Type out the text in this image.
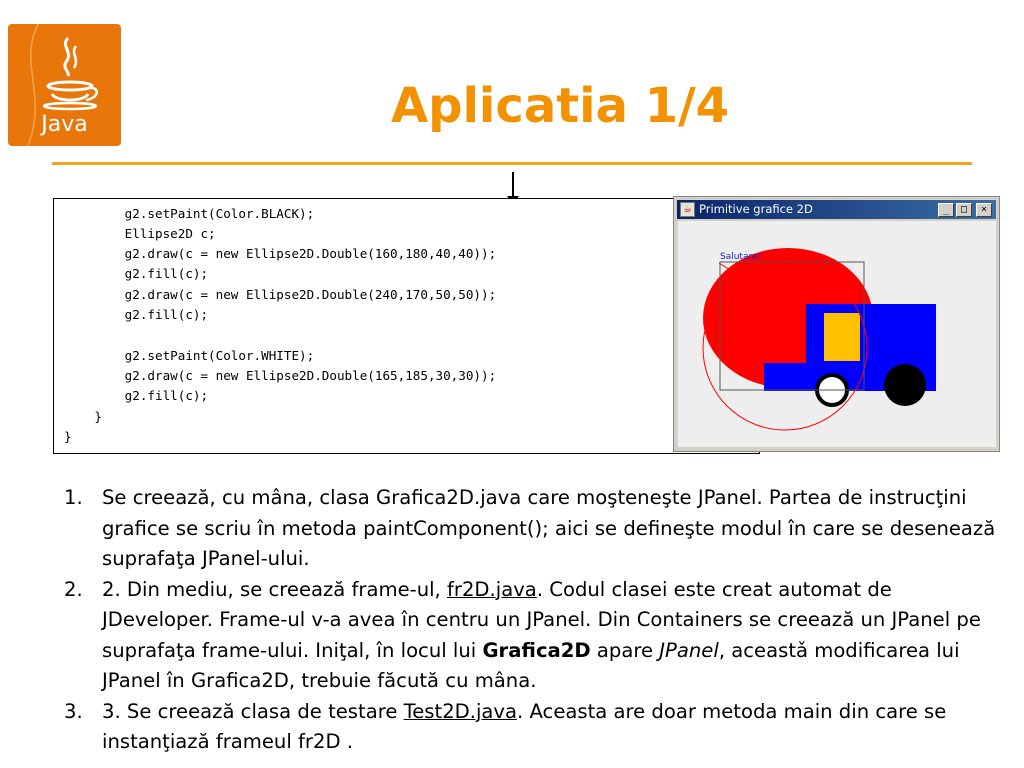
Java	Aplicatia 1/4
g2.setPaint(Color.BLACK);
Ellipse2D c;
g2.draw(c = new Ellipse2D.Double(160,180,40,40));
g2.fill(c);
g2.draw(c = new Ellipse2D.Double(240,170,50,50));
g2.fill(c);
g2.setPaint(Color.WHITE);
g2.draw(c = new Ellipse2D.Double(165,185,30,30));
g2.fill(c);
}
}
☕ Primitive grafice 2D	_	□	×
Salutare!
1. Se creează, cu mâna, clasa Grafica2D.java care moşteneşte JPanel. Partea de instrucţini grafice se scriu în metoda paintComponent(); aici se defineşte modul în care se desenează suprafaţa JPanel-ului.
2. 2. Din mediu, se creează frame-ul, fr2D.java. Codul clasei este creat automat de JDeveloper. Frame-ul v-a avea în centru un JPanel. Din Containers se creează un JPanel pe suprafaţa frame-ului. Iniţal, în locul lui Grafica2D apare JPanel, aceastǎ modificarea lui JPanel în Grafica2D, trebuie făcută cu mâna.
3. 3. Se creează clasa de testare Test2D.java. Aceasta are doar metoda main din care se instanţiază frameul fr2D .
